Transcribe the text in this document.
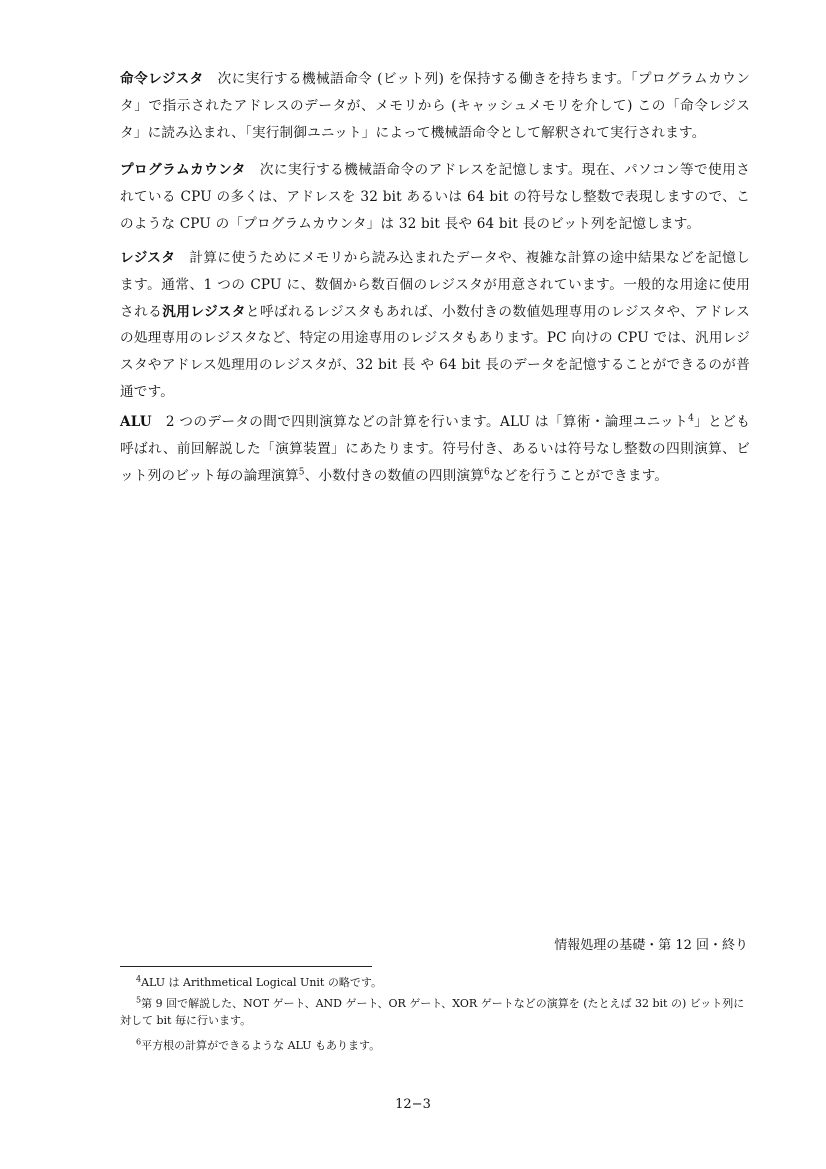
命令レジスタ 次に実行する機械語命令 (ビット列) を保持する働きを持ちます。「プログラムカウンタ」で指示されたアドレスのデータが、メモリから (キャッシュメモリを介して) この「命令レジスタ」に読み込まれ、「実行制御ユニット」によって機械語命令として解釈されて実行されます。

プログラムカウンタ 次に実行する機械語命令のアドレスを記憶します。現在、パソコン等で使用されている CPU の多くは、アドレスを 32 bit あるいは 64 bit の符号なし整数で表現しますので、このような CPU の「プログラムカウンタ」は 32 bit 長や 64 bit 長のビット列を記憶します。

レジスタ 計算に使うためにメモリから読み込まれたデータや、複雑な計算の途中結果などを記憶します。通常、1 つの CPU に、数個から数百個のレジスタが用意されています。一般的な用途に使用される汎用レジスタと呼ばれるレジスタもあれば、小数付きの数値処理専用のレジスタや、アドレスの処理専用のレジスタなど、特定の用途専用のレジスタもあります。PC 向けの CPU では、汎用レジスタやアドレス処理用のレジスタが、32 bit 長 や 64 bit 長のデータを記憶することができるのが普通です。

ALU 2 つのデータの間で四則演算などの計算を行います。ALU は「算術・論理ユニット$^4$」とども呼ばれ、前回解説した「演算装置」にあたります。符号付き、あるいは符号なし整数の四則演算、ビット列のビット毎の論理演算$^5$、小数付きの数値の四則演算$^6$などを行うことができます。

情報処理の基礎・第 12 回・終り

$^4$ALU は Arithmetical Logical Unit の略です。

$^5$第 9 回で解説した、NOT ゲート、AND ゲート、OR ゲート、XOR ゲートなどの演算を (たとえば 32 bit の) ビット列に対して bit 毎に行います。

$^6$平方根の計算ができるような ALU もあります。

12−3
